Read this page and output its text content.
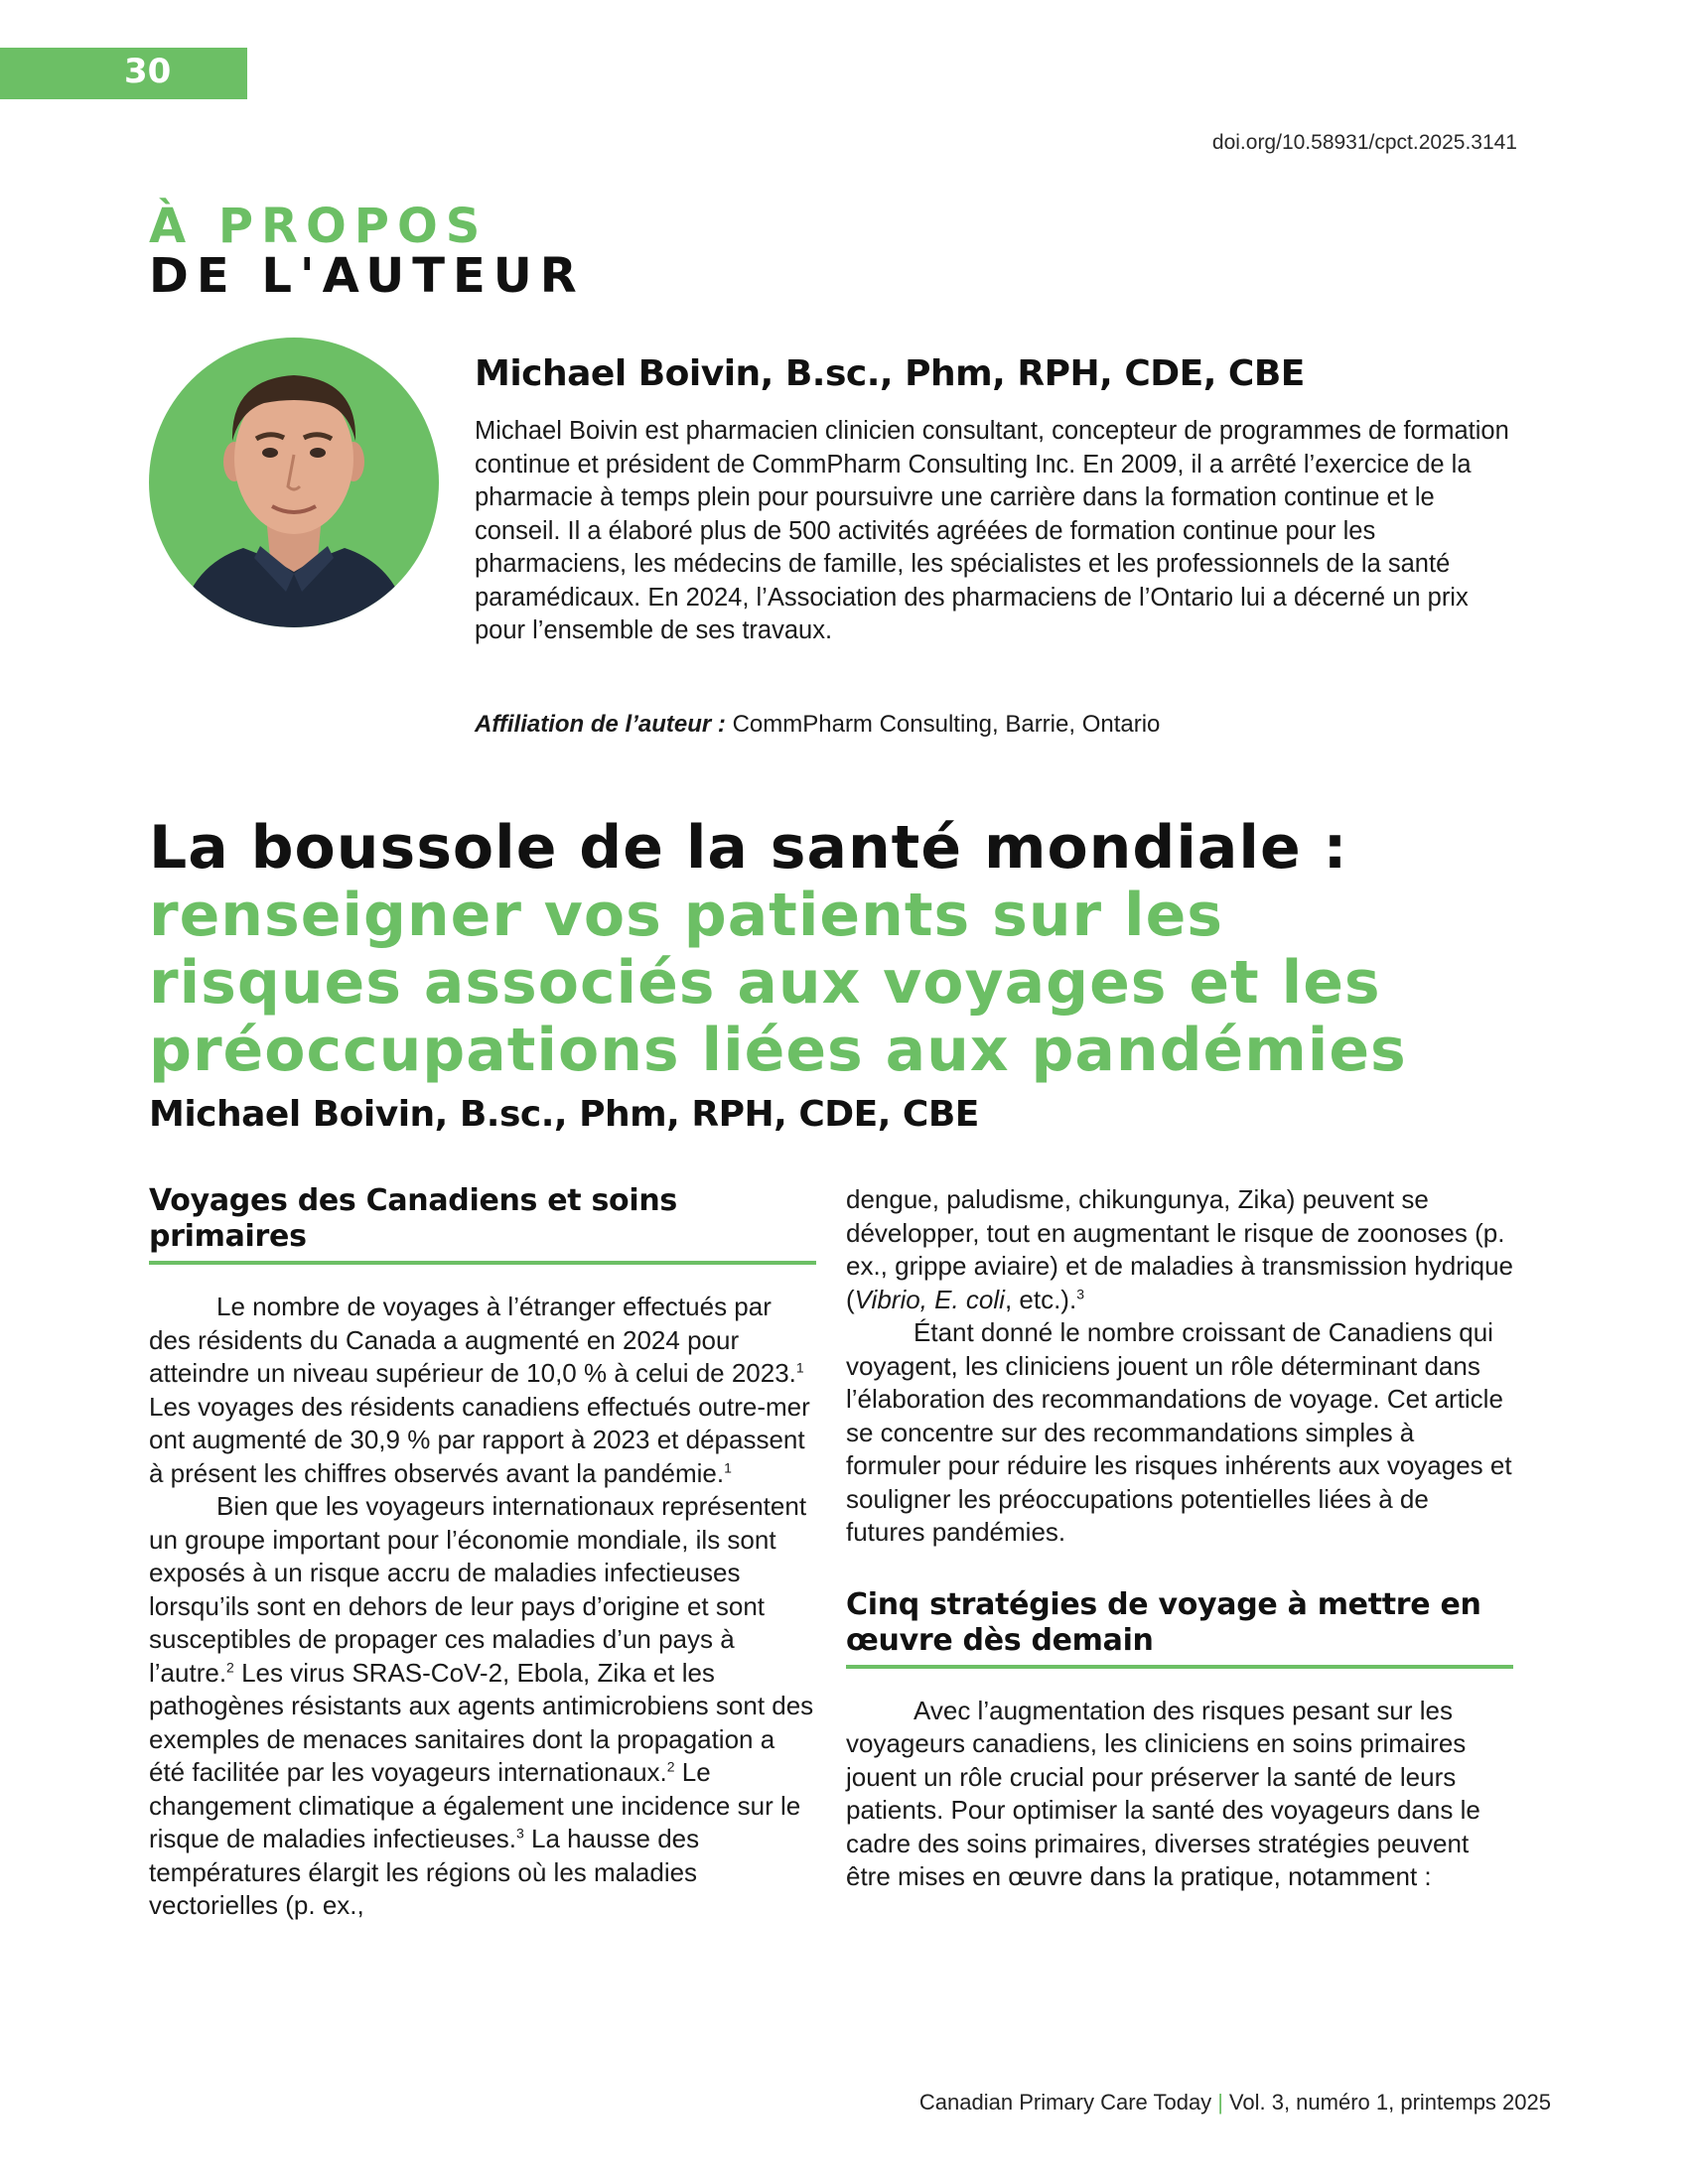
30
doi.org/10.58931/cpct.2025.3141
À PROPOS
DE L'AUTEUR
Michael Boivin, B.sc., Phm, RPH, CDE, CBE
Michael Boivin est pharmacien clinicien consultant, concepteur de programmes de formation continue et président de CommPharm Consulting Inc. En 2009, il a arrêté l’exercice de la pharmacie à temps plein pour poursuivre une carrière dans la formation continue et le conseil. Il a élaboré plus de 500 activités agréées de formation continue pour les pharmaciens, les médecins de famille, les spécialistes et les professionnels de la santé paramédicaux. En 2024, l’Association des pharmaciens de l’Ontario lui a décerné un prix pour l’ensemble de ses travaux.
Affiliation de l’auteur : CommPharm Consulting, Barrie, Ontario
La boussole de la santé mondiale :
renseigner vos patients sur les
risques associés aux voyages et les
préoccupations liées aux pandémies
Michael Boivin, B.sc., Phm, RPH, CDE, CBE
Voyages des Canadiens et soins primaires

Le nombre de voyages à l’étranger effectués par des résidents du Canada a augmenté en 2024 pour atteindre un niveau supérieur de 10,0 % à celui de 2023.$^1$ Les voyages des résidents canadiens effectués outre-mer ont augmenté de 30,9 % par rapport à 2023 et dépassent à présent les chiffres observés avant la pandémie.$^1$

Bien que les voyageurs internationaux représentent un groupe important pour l’économie mondiale, ils sont exposés à un risque accru de maladies infectieuses lorsqu’ils sont en dehors de leur pays d’origine et sont susceptibles de propager ces maladies d’un pays à l’autre.$^2$ Les virus SRAS-CoV-2, Ebola, Zika et les pathogènes résistants aux agents antimicrobiens sont des exemples de menaces sanitaires dont la propagation a été facilitée par les voyageurs internationaux.$^2$ Le changement climatique a également une incidence sur le risque de maladies infectieuses.$^3$ La hausse des températures élargit les régions où les maladies vectorielles (p. ex.,

dengue, paludisme, chikungunya, Zika) peuvent se développer, tout en augmentant le risque de zoonoses (p. ex., grippe aviaire) et de maladies à transmission hydrique (Vibrio, E. coli, etc.).$^3$

Étant donné le nombre croissant de Canadiens qui voyagent, les cliniciens jouent un rôle déterminant dans l’élaboration des recommandations de voyage. Cet article se concentre sur des recommandations simples à formuler pour réduire les risques inhérents aux voyages et souligner les préoccupations potentielles liées à de futures pandémies.

Cinq stratégies de voyage à mettre en œuvre dès demain

Avec l’augmentation des risques pesant sur les voyageurs canadiens, les cliniciens en soins primaires jouent un rôle crucial pour préserver la santé de leurs patients. Pour optimiser la santé des voyageurs dans le cadre des soins primaires, diverses stratégies peuvent être mises en œuvre dans la pratique, notamment :

Canadian Primary Care Today | Vol. 3, numéro 1, printemps 2025
